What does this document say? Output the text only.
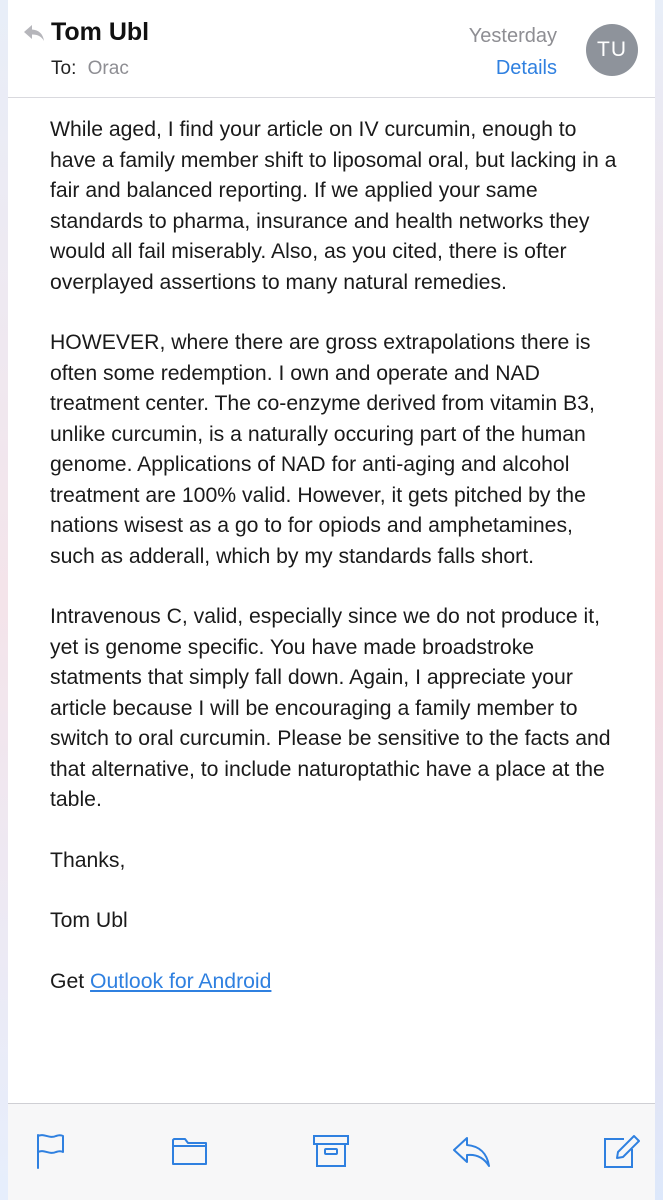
Tom Ubl
To: Orac
Yesterday
Details
TU

While aged, I find your article on IV curcumin, enough to have a family member shift to liposomal oral, but lacking in a fair and balanced reporting. If we applied your same standards to pharma, insurance and health networks they would all fail miserably. Also, as you cited, there is ofter overplayed assertions to many natural remedies.

HOWEVER, where there are gross extrapolations there is often some redemption. I own and operate and NAD treatment center. The co-enzyme derived from vitamin B3, unlike curcumin, is a naturally occuring part of the human genome. Applications of NAD for anti-aging and alcohol treatment are 100% valid. However, it gets pitched by the nations wisest as a go to for opiods and amphetamines, such as adderall, which by my standards falls short.

Intravenous C, valid, especially since we do not produce it, yet is genome specific. You have made broadstroke statments that simply fall down. Again, I appreciate your article because I will be encouraging a family member to switch to oral curcumin. Please be sensitive to the facts and that alternative, to include naturoptathic have a place at the table.

Thanks,

Tom Ubl

Get Outlook for Android
